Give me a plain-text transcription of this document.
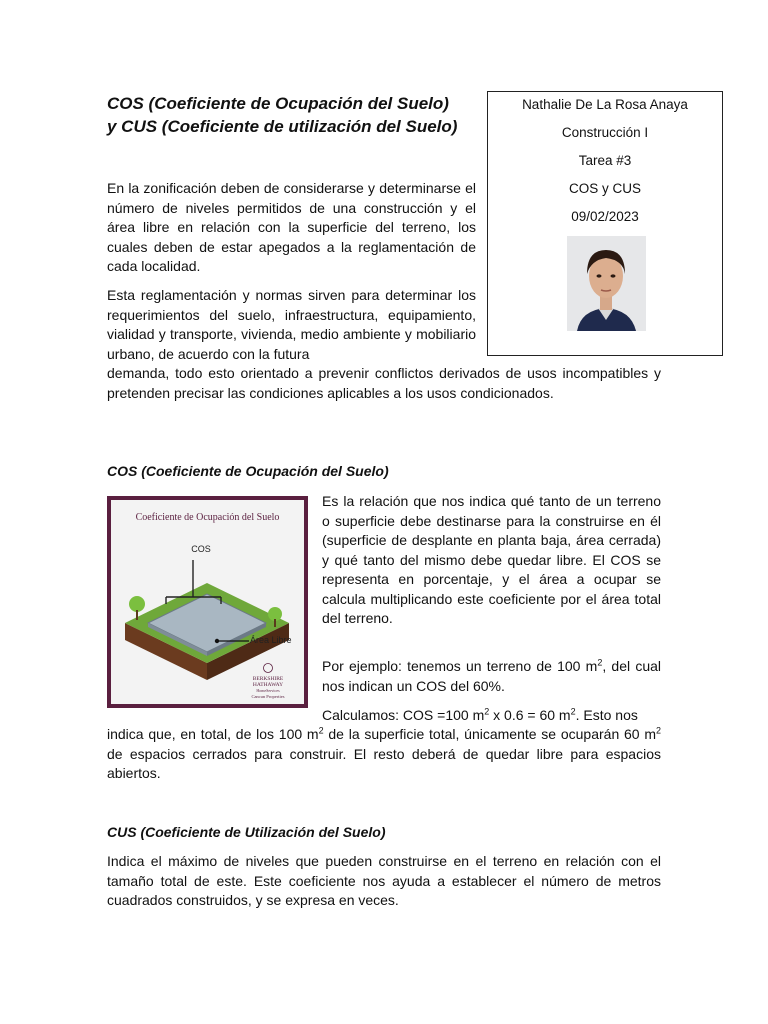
COS (Coeficiente de Ocupación del Suelo)
y CUS (Coeficiente de utilización del Suelo)
Nathalie De La Rosa Anaya
Construcción I
Tarea #3
COS y CUS
09/02/2023

En la zonificación deben de considerarse y determinarse el número de niveles permitidos de una construcción y el área libre en relación con la superficie del terreno, los cuales deben de estar apegados a la reglamentación de cada localidad.

Esta reglamentación y normas sirven para determinar los requerimientos del suelo, infraestructura, equipamiento, vialidad y transporte, vivienda, medio ambiente y mobiliario urbano, de acuerdo con la futura

demanda, todo esto orientado a prevenir conflictos derivados de usos incompatibles y pretenden precisar las condiciones aplicables a los usos condicionados.

COS (Coeficiente de Ocupación del Suelo)
Coeficiente de Ocupación del Suelo
COS
Área Libre
BERKSHIRE
HATHAWAY
HomeServices
Cancun Properties

Es la relación que nos indica qué tanto de un terreno o superficie debe destinarse para la construirse en él (superficie de desplante en planta baja, área cerrada) y qué tanto del mismo debe quedar libre. El COS se representa en porcentaje, y el área a ocupar se calcula multiplicando este coeficiente por el área total del terreno.

Por ejemplo: tenemos un terreno de 100 $m^2$, del cual nos indican un COS del 60%.

Calculamos: COS =100 $m^2$ x 0.6 = 60 $m^2$. Esto nos

indica que, en total, de los 100 $m^2$ de la superficie total, únicamente se ocuparán 60 $m^2$ de espacios cerrados para construir. El resto deberá de quedar libre para espacios abiertos.

CUS (Coeficiente de Utilización del Suelo)

Indica el máximo de niveles que pueden construirse en el terreno en relación con el tamaño total de este. Este coeficiente nos ayuda a establecer el número de metros cuadrados construidos, y se expresa en veces.
